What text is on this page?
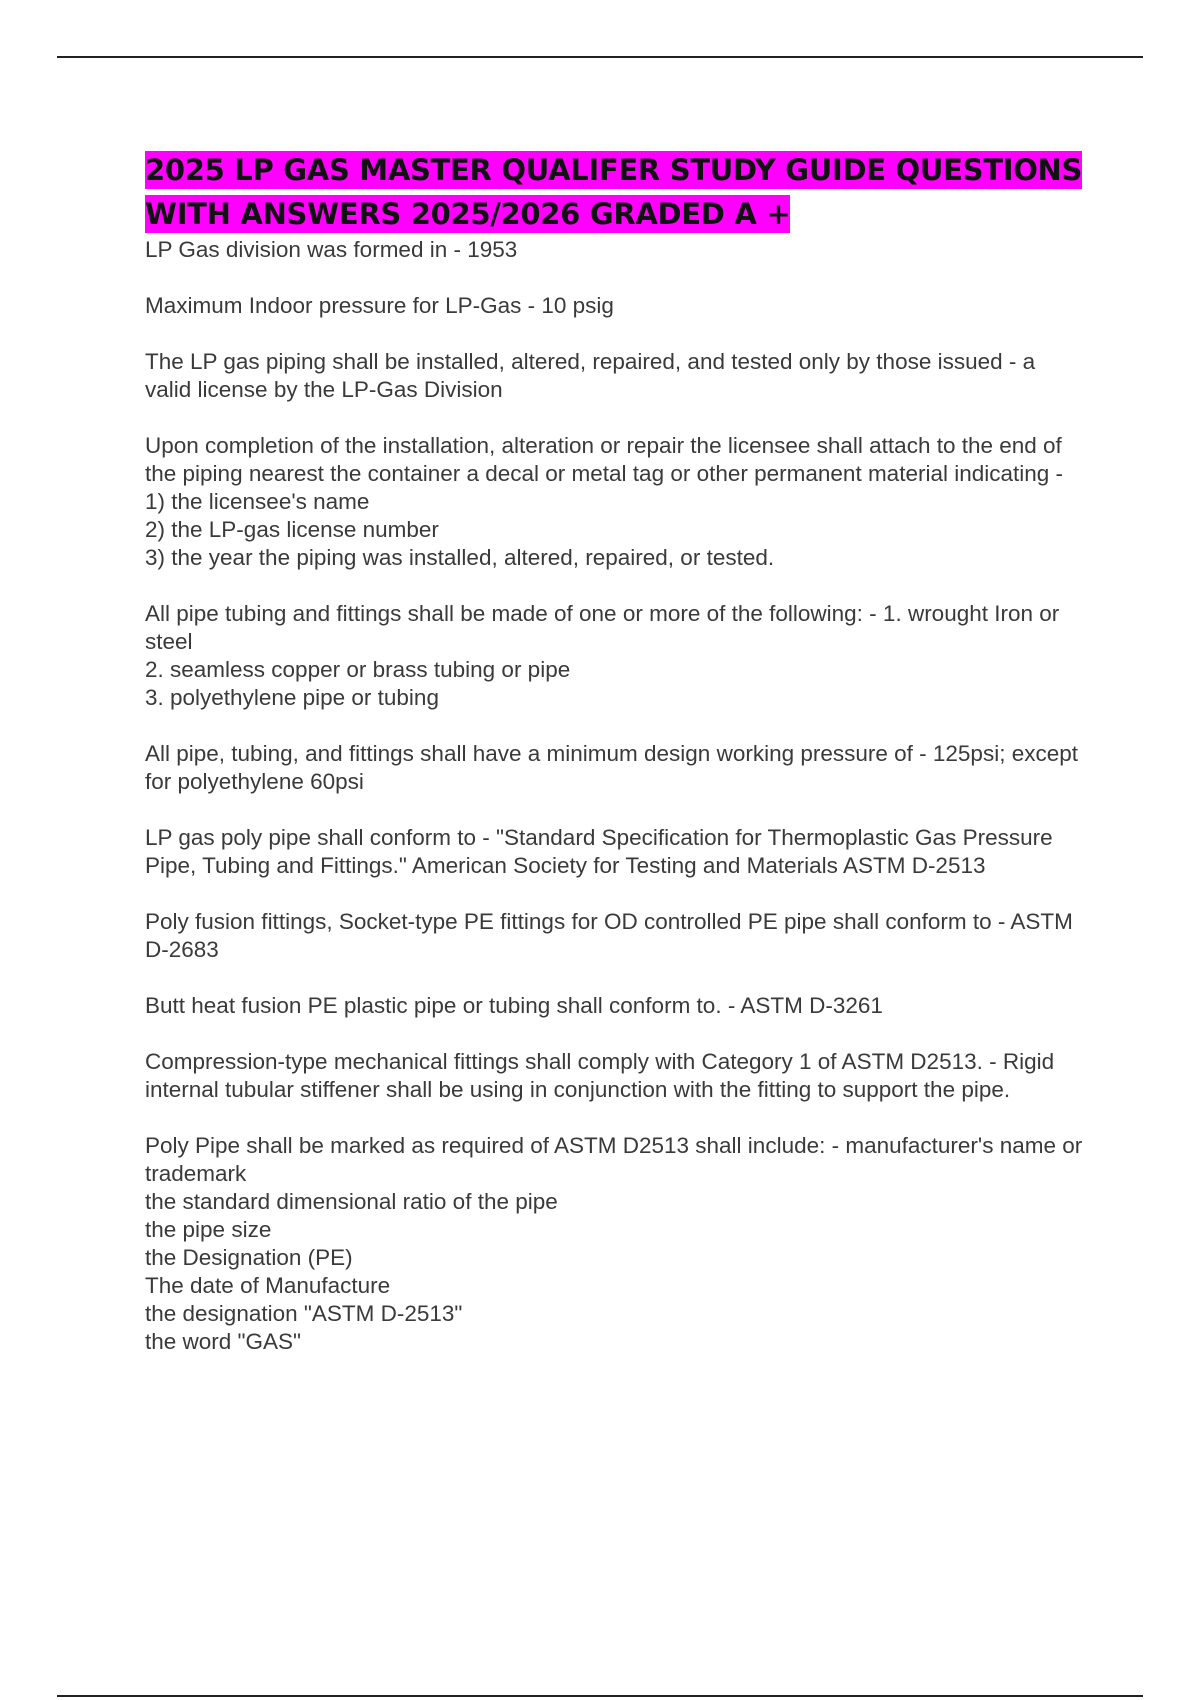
2025 LP GAS MASTER QUALIFER STUDY GUIDE QUESTIONS WITH ANSWERS 2025/2026 GRADED A +

LP Gas division was formed in - 1953

Maximum Indoor pressure for LP-Gas - 10 psig

The LP gas piping shall be installed, altered, repaired, and tested only by those issued - a valid license by the LP-Gas Division

Upon completion of the installation, alteration or repair the licensee shall attach to the end of the piping nearest the container a decal or metal tag or other permanent material indicating - 1) the licensee's name
2) the LP-gas license number
3) the year the piping was installed, altered, repaired, or tested.

All pipe tubing and fittings shall be made of one or more of the following: - 1. wrought Iron or steel
2. seamless copper or brass tubing or pipe
3. polyethylene pipe or tubing

All pipe, tubing, and fittings shall have a minimum design working pressure of - 125psi; except for polyethylene 60psi

LP gas poly pipe shall conform to - "Standard Specification for Thermoplastic Gas Pressure Pipe, Tubing and Fittings." American Society for Testing and Materials ASTM D-2513

Poly fusion fittings, Socket-type PE fittings for OD controlled PE pipe shall conform to - ASTM D-2683

Butt heat fusion PE plastic pipe or tubing shall conform to. - ASTM D-3261

Compression-type mechanical fittings shall comply with Category 1 of ASTM D2513. - Rigid internal tubular stiffener shall be using in conjunction with the fitting to support the pipe.

Poly Pipe shall be marked as required of ASTM D2513 shall include: - manufacturer's name or trademark
the standard dimensional ratio of the pipe
the pipe size
the Designation (PE)
The date of Manufacture
the designation "ASTM D-2513"
the word "GAS"
